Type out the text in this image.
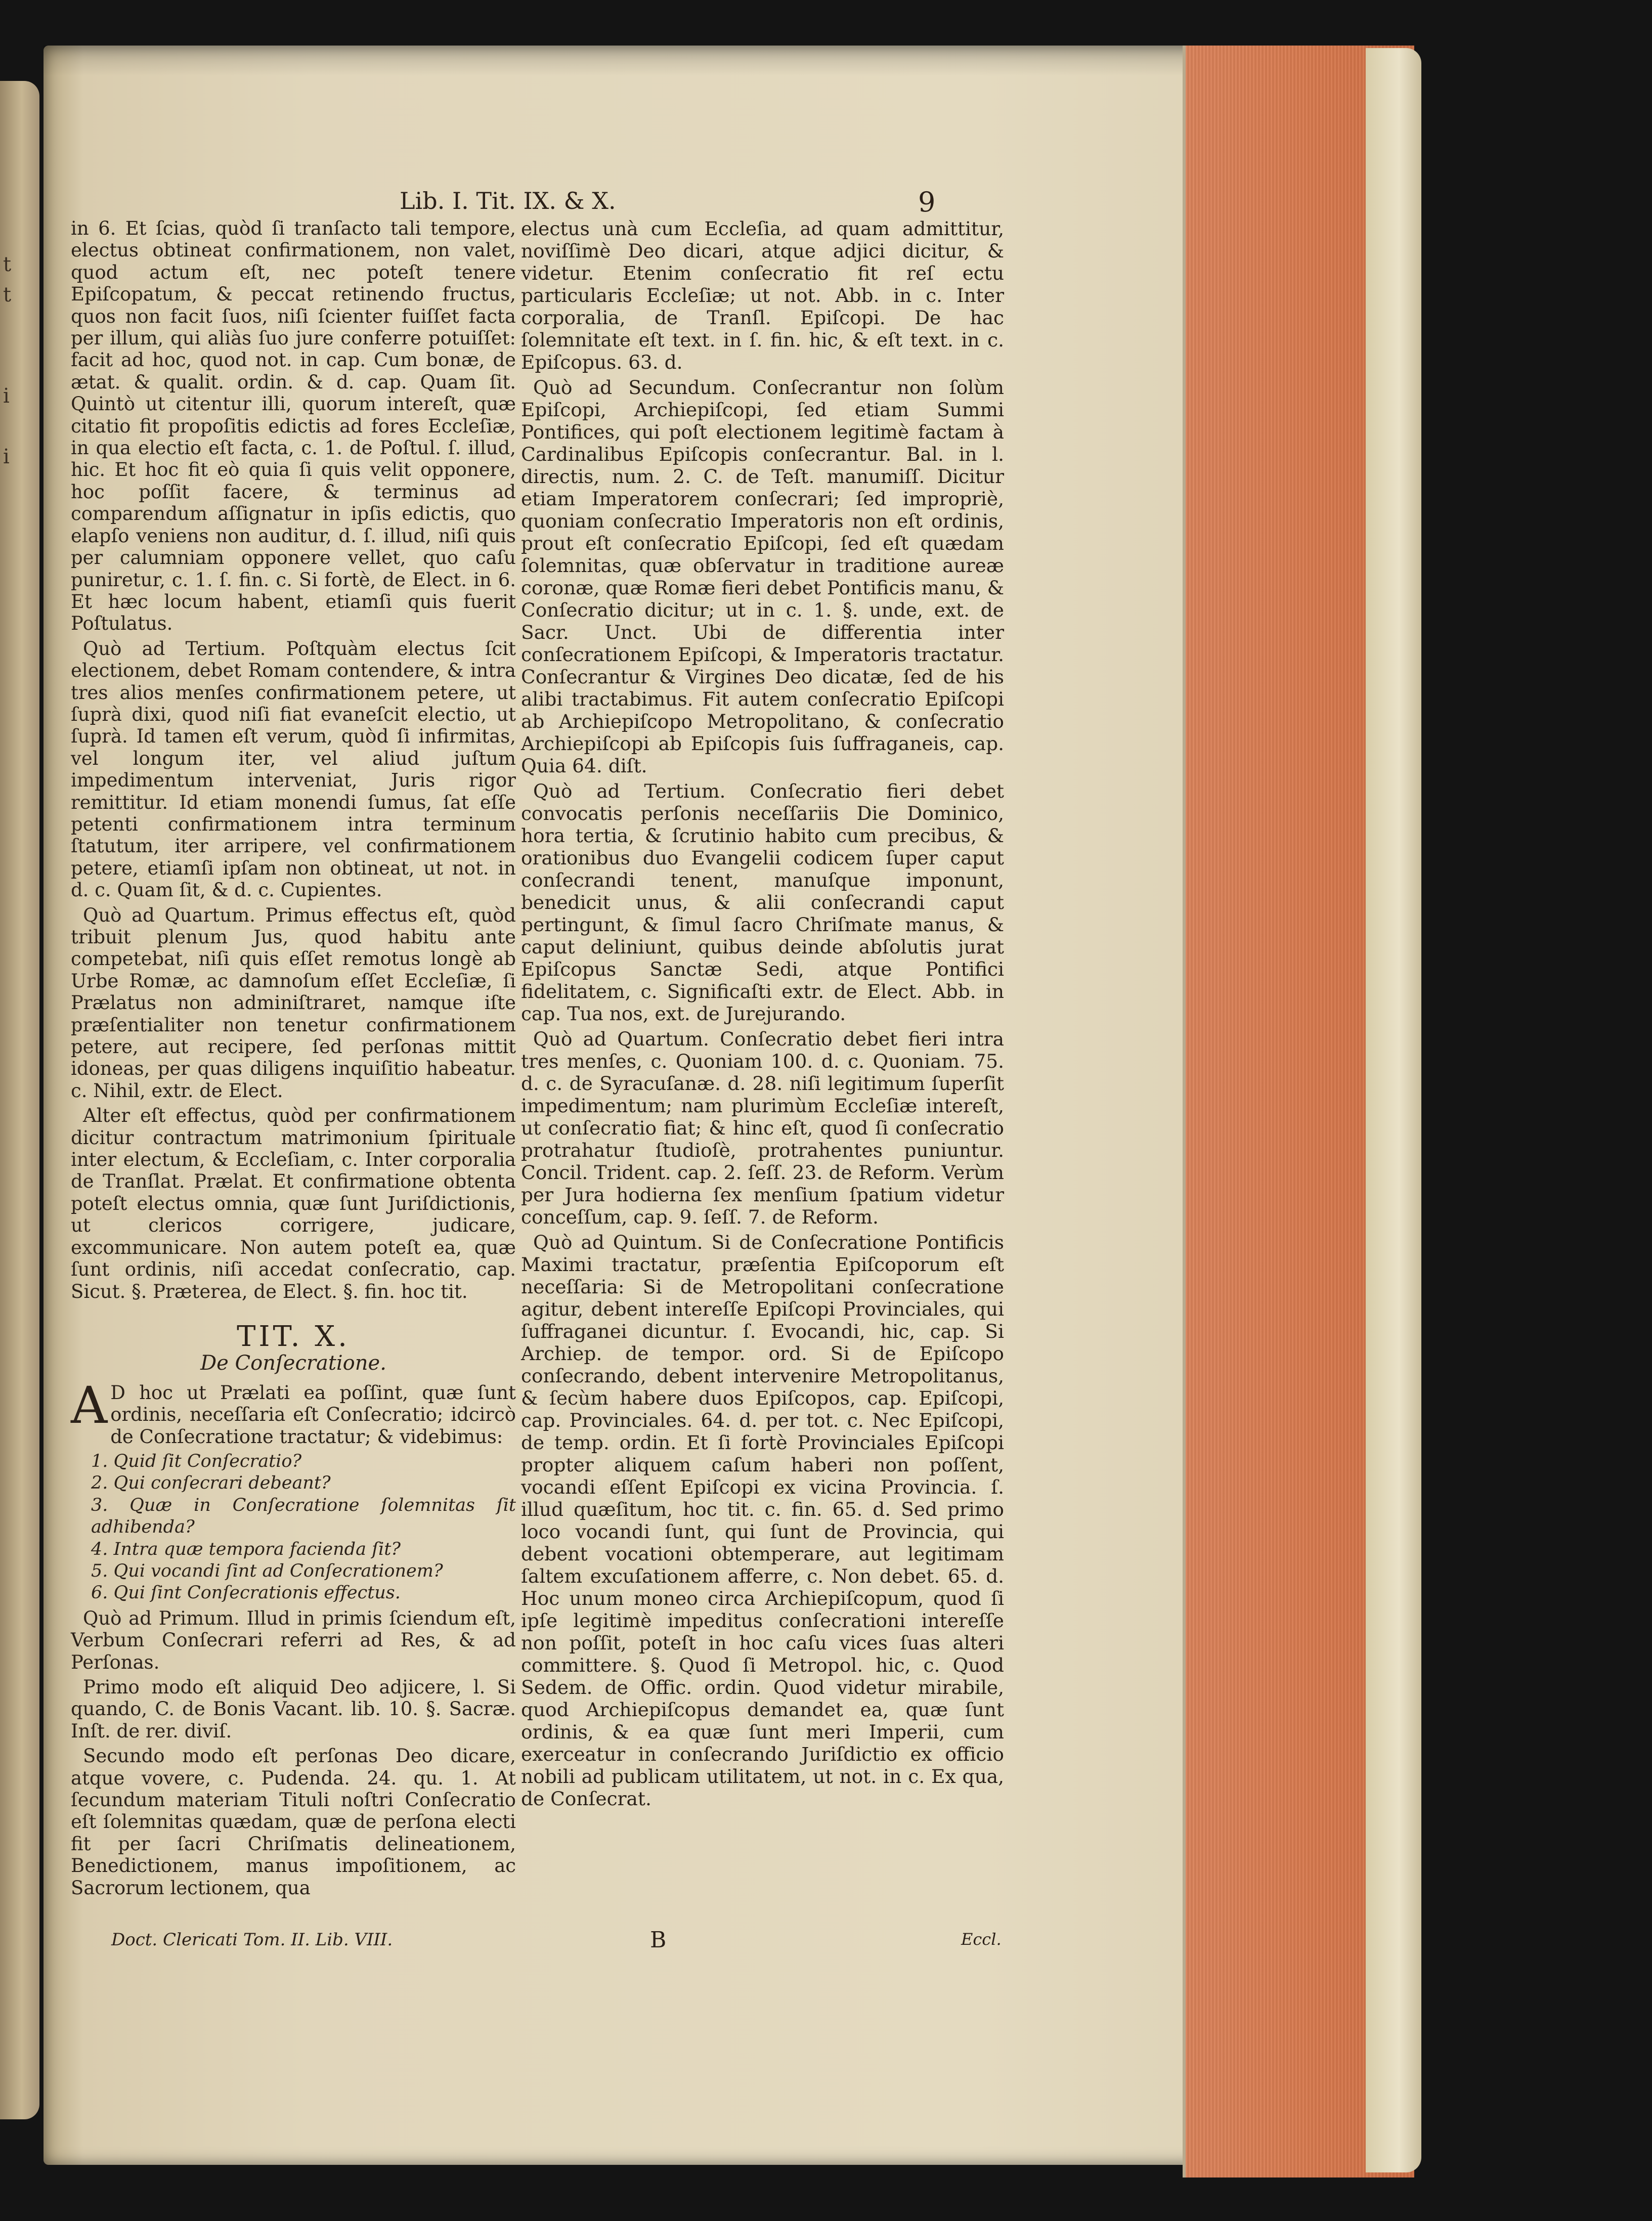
t
t
i
i
Lib. I. Tit. IX. & X.	9

in 6. Et ſcias, quòd ſi tranſacto tali tempore, electus obtineat confirmationem, non valet, quod actum eſt, nec poteſt tenere Epiſcopatum, & peccat retinendo fructus, quos non facit ſuos, niſi ſcienter fuiſſet facta per illum, qui aliàs ſuo jure conferre potuiſſet: facit ad hoc, quod not. in cap. Cum bonæ, de ætat. & qualit. ordin. & d. cap. Quam ſit. Quintò ut citentur illi, quorum intereſt, quæ citatio fit propoſitis edictis ad fores Eccleſiæ, in qua electio eſt facta, c. 1. de Poſtul. ſ. illud, hic. Et hoc fit eò quia ſi quis velit opponere, hoc poſſit facere, & terminus ad comparendum aſſignatur in ipſis edictis, quo elapſo veniens non auditur, d. ſ. illud, niſi quis per calumniam opponere vellet, quo caſu puniretur, c. 1. ſ. fin. c. Si fortè, de Elect. in 6. Et hæc locum habent, etiamſi quis fuerit Poſtulatus.

Quò ad Tertium. Poſtquàm electus ſcit electionem, debet Romam contendere, & intra tres alios menſes confirmationem petere, ut ſuprà dixi, quod niſi fiat evaneſcit electio, ut ſuprà. Id tamen eſt verum, quòd ſi infirmitas, vel longum iter, vel aliud juſtum impedimentum interveniat, Juris rigor remittitur. Id etiam monendi ſumus, ſat eſſe petenti confirmationem intra terminum ſtatutum, iter arripere, vel confirmationem petere, etiamſi ipſam non obtineat, ut not. in d. c. Quam ſit, & d. c. Cupientes.

Quò ad Quartum. Primus effectus eſt, quòd tribuit plenum Jus, quod habitu ante competebat, niſi quis eſſet remotus longè ab Urbe Romæ, ac damnoſum eſſet Eccleſiæ, ſi Prælatus non adminiſtraret, namque iſte præſentialiter non tenetur confirmationem petere, aut recipere, ſed perſonas mittit idoneas, per quas diligens inquiſitio habeatur. c. Nihil, extr. de Elect.

Alter eſt effectus, quòd per confirmationem dicitur contractum matrimonium ſpirituale inter electum, & Eccleſiam, c. Inter corporalia de Tranſlat. Prælat. Et confirmatione obtenta poteſt electus omnia, quæ ſunt Juriſdictionis, ut clericos corrigere, judicare, excommunicare. Non autem poteſt ea, quæ ſunt ordinis, niſi accedat conſecratio, cap. Sicut. §. Præterea, de Elect. §. fin. hoc tit.

TIT. X.
De Conſecratione.

A D hoc ut Prælati ea poſſint, quæ ſunt ordinis, neceſſaria eſt Conſecratio; idcircò de Conſecratione tractatur; & videbimus:

1. Quid ſit Conſecratio?
2. Qui conſecrari debeant?
3. Quæ in Conſecratione ſolemnitas ſit adhibenda?
4. Intra quæ tempora facienda ſit?
5. Qui vocandi ſint ad Conſecrationem?
6. Qui ſint Conſecrationis effectus.

Quò ad Primum. Illud in primis ſciendum eſt, Verbum Conſecrari referri ad Res, & ad Perſonas.

Primo modo eſt aliquid Deo adjicere, l. Si quando, C. de Bonis Vacant. lib. 10. §. Sacræ. Inſt. de rer. diviſ.

Secundo modo eſt perſonas Deo dicare, atque vovere, c. Pudenda. 24. qu. 1. At ſecundum materiam Tituli noſtri Conſecratio eſt ſolemnitas quædam, quæ de perſona electi fit per ſacri Chriſmatis delineationem, Benedictionem, manus impoſitionem, ac Sacrorum lectionem, qua

electus unà cum Eccleſia, ad quam admittitur, noviſſimè Deo dicari, atque adjici dicitur, & videtur. Etenim conſecratio fit reſ ectu particularis Eccleſiæ; ut not. Abb. in c. Inter corporalia, de Tranſl. Epiſcopi. De hac ſolemnitate eſt text. in ſ. fin. hic, & eſt text. in c. Epiſcopus. 63. d.

Quò ad Secundum. Conſecrantur non ſolùm Epiſcopi, Archiepiſcopi, ſed etiam Summi Pontifices, qui poſt electionem legitimè factam à Cardinalibus Epiſcopis conſecrantur. Bal. in l. directis, num. 2. C. de Teſt. manumiſſ. Dicitur etiam Imperatorem conſecrari; ſed impropriè, quoniam conſecratio Imperatoris non eſt ordinis, prout eſt conſecratio Epiſcopi, ſed eſt quædam ſolemnitas, quæ obſervatur in traditione aureæ coronæ, quæ Romæ fieri debet Pontificis manu, & Conſecratio dicitur; ut in c. 1. §. unde, ext. de Sacr. Unct. Ubi de differentia inter conſecrationem Epiſcopi, & Imperatoris tractatur. Conſecrantur & Virgines Deo dicatæ, ſed de his alibi tractabimus. Fit autem conſecratio Epiſcopi ab Archiepiſcopo Metropolitano, & conſecratio Archiepiſcopi ab Epiſcopis ſuis ſuffraganeis, cap. Quia 64. diſt.

Quò ad Tertium. Conſecratio fieri debet convocatis perſonis neceſſariis Die Dominico, hora tertia, & ſcrutinio habito cum precibus, & orationibus duo Evangelii codicem ſuper caput conſecrandi tenent, manuſque imponunt, benedicit unus, & alii conſecrandi caput pertingunt, & ſimul ſacro Chriſmate manus, & caput deliniunt, quibus deinde abſolutis jurat Epiſcopus Sanctæ Sedi, atque Pontifici fidelitatem, c. Significaſti extr. de Elect. Abb. in cap. Tua nos, ext. de Jurejurando.

Quò ad Quartum. Conſecratio debet fieri intra tres menſes, c. Quoniam 100. d. c. Quoniam. 75. d. c. de Syracuſanæ. d. 28. niſi legitimum ſuperſit impedimentum; nam plurimùm Eccleſiæ intereſt, ut conſecratio fiat; & hinc eſt, quod ſi conſecratio protrahatur ſtudioſè, protrahentes puniuntur. Concil. Trident. cap. 2. ſeſſ. 23. de Reform. Verùm per Jura hodierna ſex menſium ſpatium videtur conceſſum, cap. 9. ſeſſ. 7. de Reform.

Quò ad Quintum. Si de Conſecratione Pontificis Maximi tractatur, præſentia Epiſcoporum eſt neceſſaria: Si de Metropolitani conſecratione agitur, debent intereſſe Epiſcopi Provinciales, qui ſuffraganei dicuntur. ſ. Evocandi, hic, cap. Si Archiep. de tempor. ord. Si de Epiſcopo conſecrando, debent intervenire Metropolitanus, & ſecùm habere duos Epiſcopos, cap. Epiſcopi, cap. Provinciales. 64. d. per tot. c. Nec Epiſcopi, de temp. ordin. Et ſi fortè Provinciales Epiſcopi propter aliquem caſum haberi non poſſent, vocandi eſſent Epiſcopi ex vicina Provincia. ſ. illud quæſitum, hoc tit. c. fin. 65. d. Sed primo loco vocandi ſunt, qui ſunt de Provincia, qui debent vocationi obtemperare, aut legitimam ſaltem excuſationem afferre, c. Non debet. 65. d. Hoc unum moneo circa Archiepiſcopum, quod ſi ipſe legitimè impeditus conſecrationi intereſſe non poſſit, poteſt in hoc caſu vices ſuas alteri committere. §. Quod ſi Metropol. hic, c. Quod Sedem. de Offic. ordin. Quod videtur mirabile, quod Archiepiſcopus demandet ea, quæ ſunt ordinis, & ea quæ ſunt meri Imperii, cum exerceatur in conſecrando Juriſdictio ex officio nobili ad publicam utilitatem, ut not. in c. Ex qua, de Conſecrat.

Doct. Clericati Tom. II. Lib. VIII.	B	Eccl.
